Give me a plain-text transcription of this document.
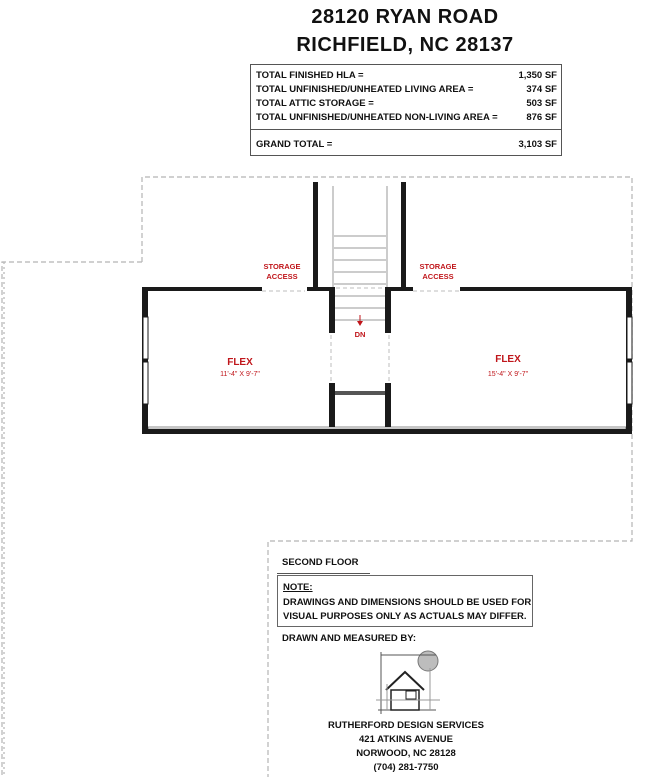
28120 RYAN ROAD
RICHFIELD, NC 28137
TOTAL FINISHED HLA =	1,350 SF
TOTAL UNFINISHED/UNHEATED LIVING AREA =	374 SF
TOTAL ATTIC STORAGE =	503 SF
TOTAL UNFINISHED/UNHEATED NON-LIVING AREA =	876 SF
GRAND TOTAL =	3,103 SF
STORAGE
ACCESS
STORAGE
ACCESS
DN
FLEX
11'-4" X 9'-7"
FLEX
15'-4" X 9'-7"
SECOND FLOOR
NOTE:
DRAWINGS AND DIMENSIONS SHOULD BE USED FOR
VISUAL PURPOSES ONLY AS ACTUALS MAY DIFFER.
DRAWN AND MEASURED BY:
RUTHERFORD DESIGN SERVICES
421 ATKINS AVENUE
NORWOOD, NC 28128
(704) 281-7750
